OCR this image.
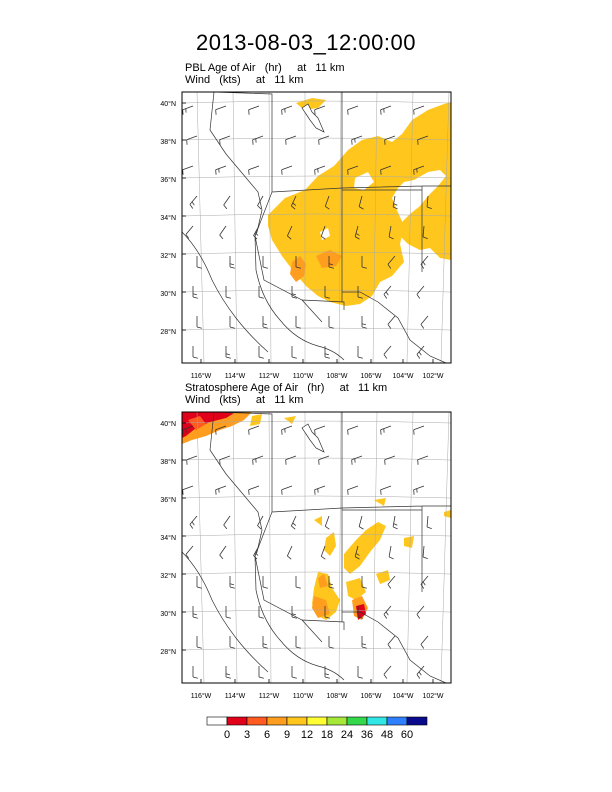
2013-08-03_12:00:00
PBL Age of Air   (hr)     at   11 km
Wind   (kts)     at   11 km
Stratosphere Age of Air   (hr)     at   11 km
Wind   (kts)     at   11 km
40°N
38°N
36°N
34°N
32°N
30°N
28°N
116°W 114°W 112°W 110°W 108°W 106°W 104°W 102°W
40°N
38°N
36°N
34°N
32°N
30°N
28°N
116°W 114°W 112°W 110°W 108°W 106°W 104°W 102°W
0 3 6 9 12 18 24 36 48 60
